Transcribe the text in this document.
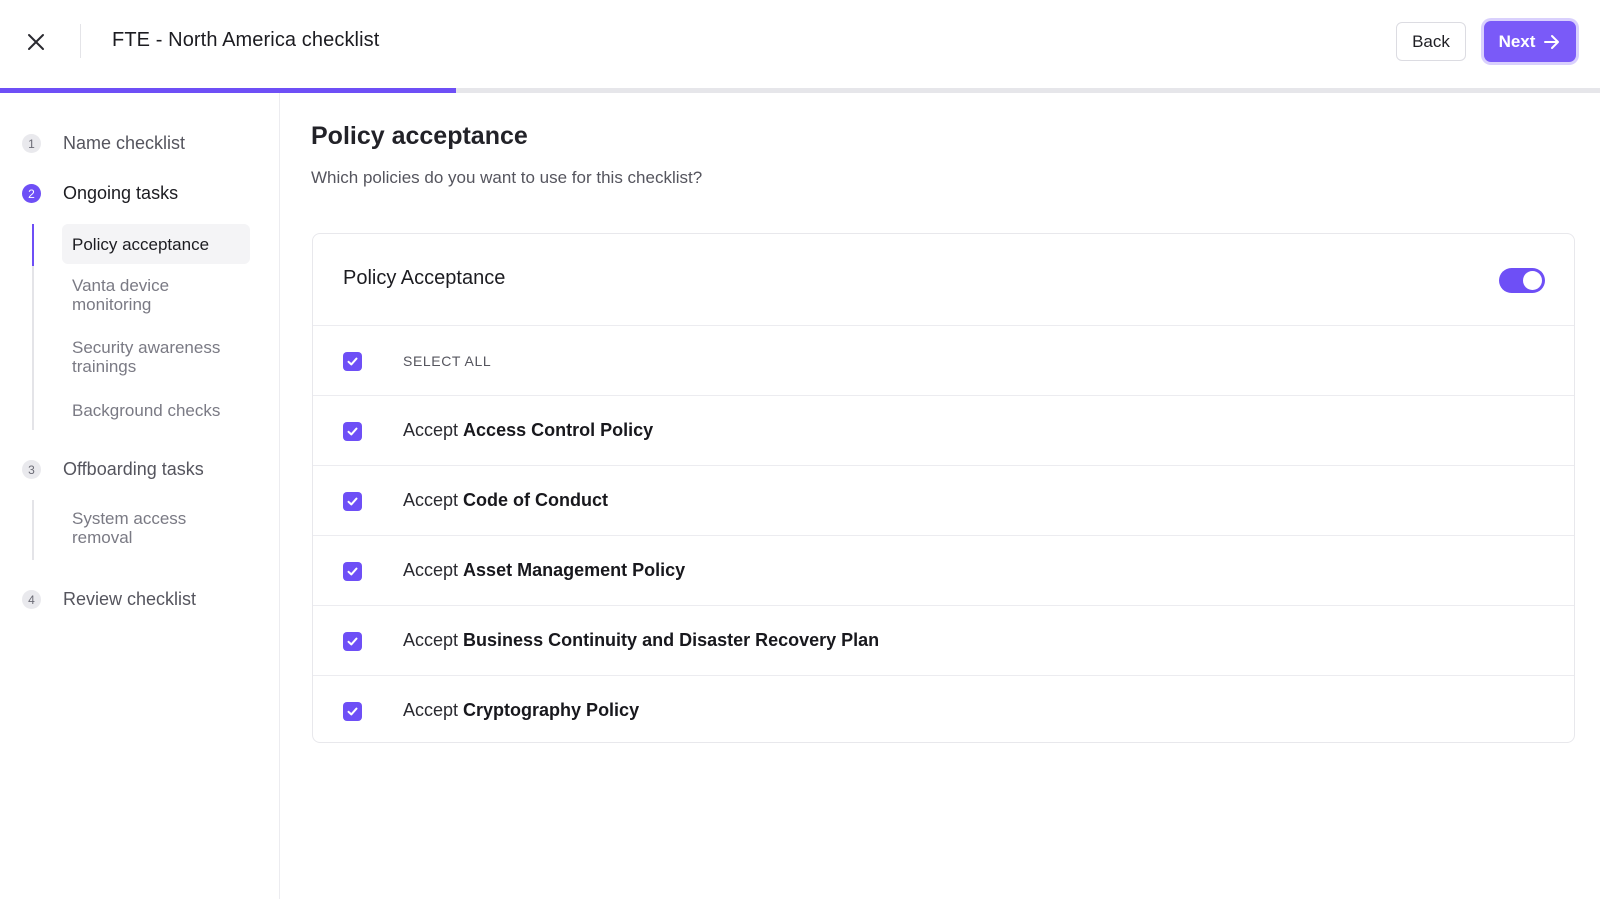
FTE - North America checklist	Back	Next
1	Name checklist
2	Ongoing tasks
Policy acceptance
Vanta device monitoring
Security awareness trainings
Background checks
3	Offboarding tasks
System access removal
4	Review checklist
Policy acceptance
Which policies do you want to use for this checklist?
Policy Acceptance
SELECT ALL
Accept Access Control Policy
Accept Code of Conduct
Accept Asset Management Policy
Accept Business Continuity and Disaster Recovery Plan
Accept Cryptography Policy
